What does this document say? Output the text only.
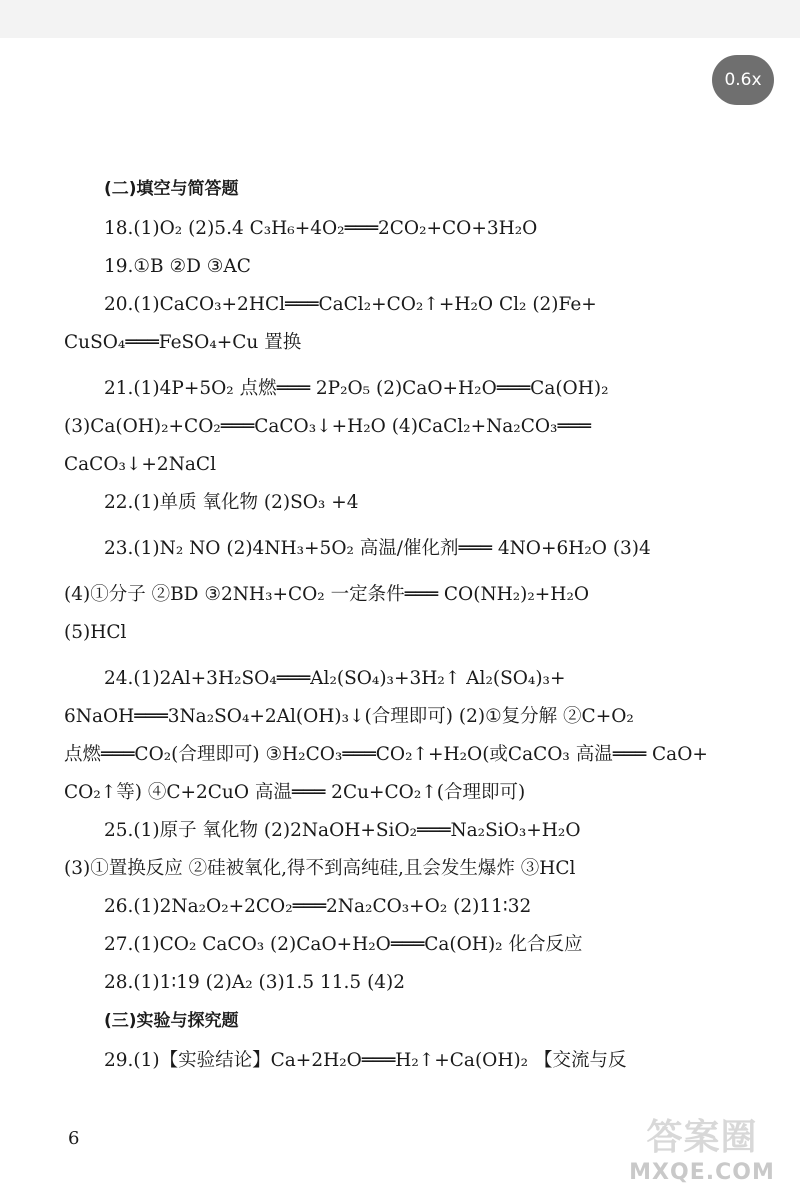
0.6x
(二)填空与简答题
18.(1)O₂ (2)5.4 C₃H₆+4O₂═══2CO₂+CO+3H₂O
19.①B ②D ③AC
20.(1)CaCO₃+2HCl═══CaCl₂+CO₂↑+H₂O Cl₂ (2)Fe+
CuSO₄═══FeSO₄+Cu 置换
21.(1)4P+5O₂ 点燃═══ 2P₂O₅ (2)CaO+H₂O═══Ca(OH)₂
(3)Ca(OH)₂+CO₂═══CaCO₃↓+H₂O (4)CaCl₂+Na₂CO₃═══
CaCO₃↓+2NaCl
22.(1)单质 氧化物 (2)SO₃ +4
23.(1)N₂ NO (2)4NH₃+5O₂ 高温/催化剂═══ 4NO+6H₂O (3)4
(4)①分子 ②BD ③2NH₃+CO₂ 一定条件═══ CO(NH₂)₂+H₂O
(5)HCl
24.(1)2Al+3H₂SO₄═══Al₂(SO₄)₃+3H₂↑ Al₂(SO₄)₃+
6NaOH═══3Na₂SO₄+2Al(OH)₃↓(合理即可) (2)①复分解 ②C+O₂
点燃═══CO₂(合理即可) ③H₂CO₃═══CO₂↑+H₂O(或CaCO₃ 高温═══ CaO+
CO₂↑等) ④C+2CuO 高温═══ 2Cu+CO₂↑(合理即可)
25.(1)原子 氧化物 (2)2NaOH+SiO₂═══Na₂SiO₃+H₂O
(3)①置换反应 ②硅被氧化,得不到高纯硅,且会发生爆炸 ③HCl
26.(1)2Na₂O₂+2CO₂═══2Na₂CO₃+O₂ (2)11∶32
27.(1)CO₂ CaCO₃ (2)CaO+H₂O═══Ca(OH)₂ 化合反应
28.(1)1∶19 (2)A₂ (3)1.5 11.5 (4)2
(三)实验与探究题
29.(1)【实验结论】Ca+2H₂O═══H₂↑+Ca(OH)₂ 【交流与反
6	答案圈
MXQE.COM
